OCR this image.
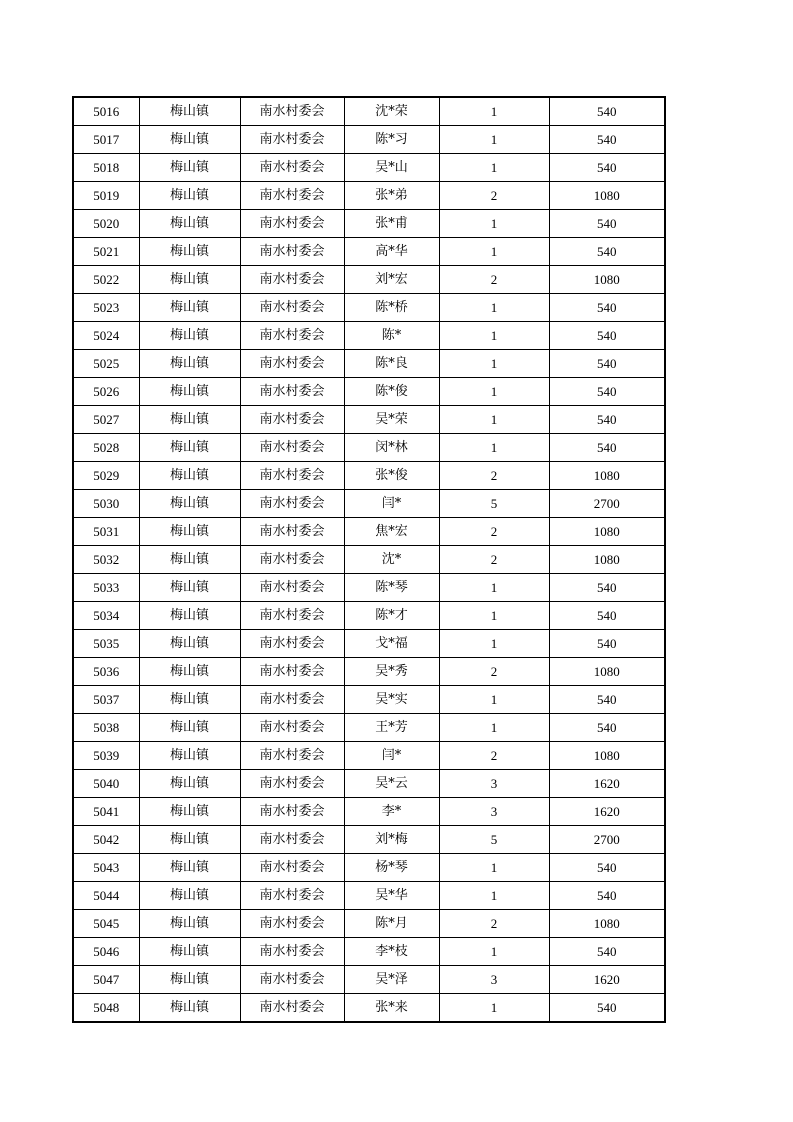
5016	梅山镇	南水村委会	沈*荣	1	540
5017	梅山镇	南水村委会	陈*习	1	540
5018	梅山镇	南水村委会	吴*山	1	540
5019	梅山镇	南水村委会	张*弟	2	1080
5020	梅山镇	南水村委会	张*甫	1	540
5021	梅山镇	南水村委会	高*华	1	540
5022	梅山镇	南水村委会	刘*宏	2	1080
5023	梅山镇	南水村委会	陈*桥	1	540
5024	梅山镇	南水村委会	陈*	1	540
5025	梅山镇	南水村委会	陈*良	1	540
5026	梅山镇	南水村委会	陈*俊	1	540
5027	梅山镇	南水村委会	吴*荣	1	540
5028	梅山镇	南水村委会	闵*林	1	540
5029	梅山镇	南水村委会	张*俊	2	1080
5030	梅山镇	南水村委会	闫*	5	2700
5031	梅山镇	南水村委会	焦*宏	2	1080
5032	梅山镇	南水村委会	沈*	2	1080
5033	梅山镇	南水村委会	陈*琴	1	540
5034	梅山镇	南水村委会	陈*才	1	540
5035	梅山镇	南水村委会	戈*福	1	540
5036	梅山镇	南水村委会	吴*秀	2	1080
5037	梅山镇	南水村委会	吴*实	1	540
5038	梅山镇	南水村委会	王*芳	1	540
5039	梅山镇	南水村委会	闫*	2	1080
5040	梅山镇	南水村委会	吴*云	3	1620
5041	梅山镇	南水村委会	李*	3	1620
5042	梅山镇	南水村委会	刘*梅	5	2700
5043	梅山镇	南水村委会	杨*琴	1	540
5044	梅山镇	南水村委会	吴*华	1	540
5045	梅山镇	南水村委会	陈*月	2	1080
5046	梅山镇	南水村委会	李*枝	1	540
5047	梅山镇	南水村委会	吴*泽	3	1620
5048	梅山镇	南水村委会	张*来	1	540
